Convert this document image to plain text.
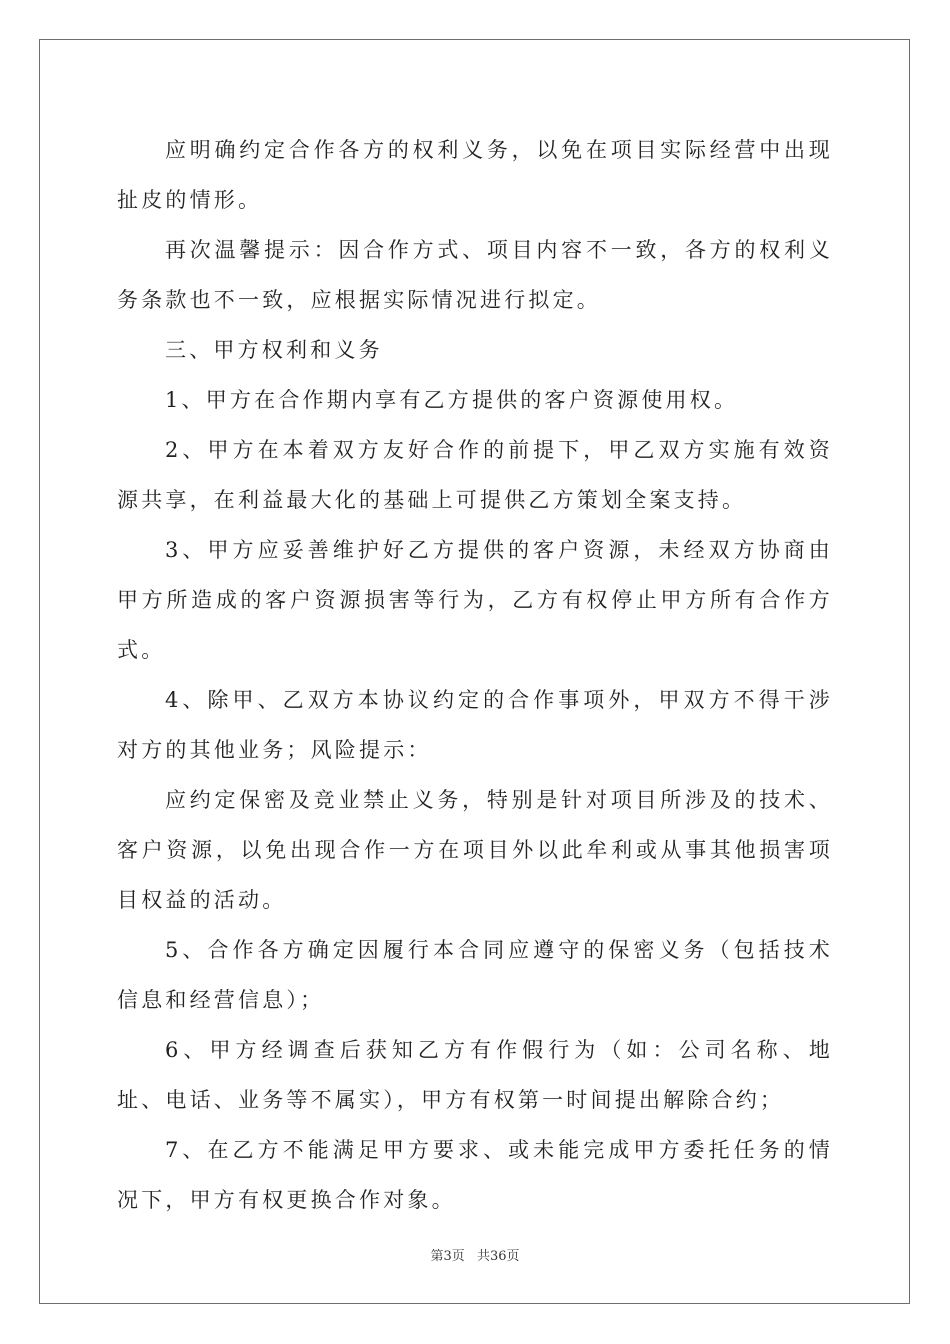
应明确约定合作各方的权利义务，以免在项目实际经营中出现扯皮的情形。

再次温馨提示：因合作方式、项目内容不一致，各方的权利义务条款也不一致，应根据实际情况进行拟定。

三、甲方权利和义务

1、甲方在合作期内享有乙方提供的客户资源使用权。

2、甲方在本着双方友好合作的前提下，甲乙双方实施有效资源共享，在利益最大化的基础上可提供乙方策划全案支持。

3、甲方应妥善维护好乙方提供的客户资源，未经双方协商由甲方所造成的客户资源损害等行为，乙方有权停止甲方所有合作方式。

4、除甲、乙双方本协议约定的合作事项外，甲双方不得干涉对方的其他业务；风险提示：

应约定保密及竞业禁止义务，特别是针对项目所涉及的技术、客户资源，以免出现合作一方在项目外以此牟利或从事其他损害项目权益的活动。

5、合作各方确定因履行本合同应遵守的保密义务（包括技术信息和经营信息）；

6、甲方经调查后获知乙方有作假行为（如：公司名称、地址、电话、业务等不属实），甲方有权第一时间提出解除合约；

7、在乙方不能满足甲方要求、或未能完成甲方委托任务的情况下，甲方有权更换合作对象。

第3页 共36页
